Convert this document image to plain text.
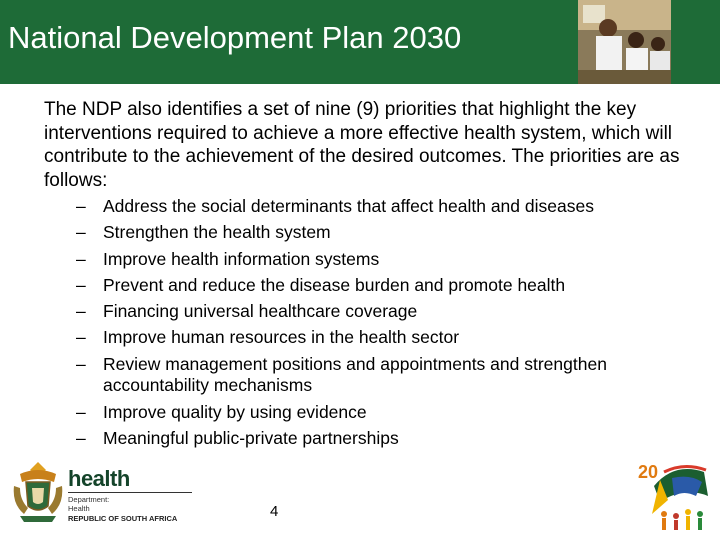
National Development Plan 2030

The NDP also identifies a set of nine (9) priorities that highlight the key interventions required to achieve a more effective health system, which will contribute to the achievement of the desired outcomes. The priorities are as follows:

– Address the social determinants that affect health and diseases
– Strengthen the health system
– Improve health information systems
– Prevent and reduce the disease burden and promote health
– Financing universal healthcare coverage
– Improve human resources in the health sector
– Review management positions and appointments and strengthen accountability mechanisms
– Improve quality by using evidence
– Meaningful public-private partnerships
health
Department:
Health
REPUBLIC OF SOUTH AFRICA	4
20
